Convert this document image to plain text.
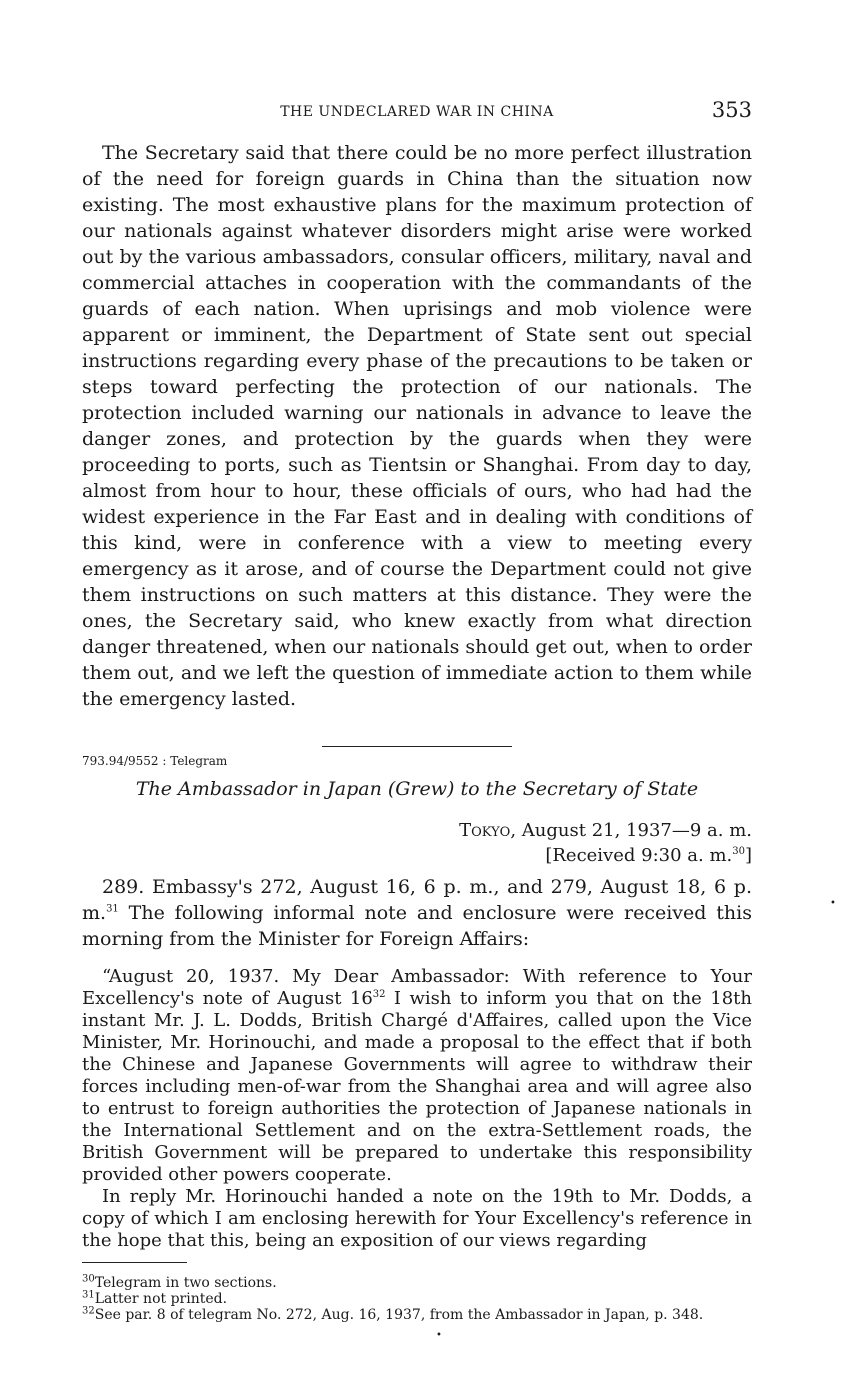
THE UNDECLARED WAR IN CHINA	353

The Secretary said that there could be no more perfect illustration of the need for foreign guards in China than the situation now existing. The most exhaustive plans for the maximum protection of our nationals against whatever disorders might arise were worked out by the various ambassadors, consular officers, military, naval and commercial attaches in cooperation with the commandants of the guards of each nation. When uprisings and mob violence were apparent or imminent, the Department of State sent out special instructions regarding every phase of the precautions to be taken or steps toward perfecting the protection of our nationals. The protection included warning our nationals in advance to leave the danger zones, and protection by the guards when they were proceeding to ports, such as Tientsin or Shanghai. From day to day, almost from hour to hour, these officials of ours, who had had the widest experience in the Far East and in dealing with conditions of this kind, were in conference with a view to meeting every emergency as it arose, and of course the Department could not give them instructions on such matters at this distance. They were the ones, the Secretary said, who knew exactly from what direction danger threatened, when our nationals should get out, when to order them out, and we left the question of immediate action to them while the emergency lasted.

793.94/9552 : Telegram
The Ambassador in Japan (Grew) to the Secretary of State
Tokyo, August 21, 1937—9 a. m.
[Received 9:30 a. m.$^{30}$]

289. Embassy's 272, August 16, 6 p. m., and 279, August 18, 6 p. m.$^{31}$ The following informal note and enclosure were received this morning from the Minister for Foreign Affairs:

“August 20, 1937. My Dear Ambassador: With reference to Your Excellency's note of August $16^{32}$ I wish to inform you that on the 18th instant Mr. J. L. Dodds, British Chargé d'Affaires, called upon the Vice Minister, Mr. Horinouchi, and made a proposal to the effect that if both the Chinese and Japanese Governments will agree to withdraw their forces including men-of-war from the Shanghai area and will agree also to entrust to foreign authorities the protection of Japanese nationals in the International Settlement and on the extra-Settlement roads, the British Government will be prepared to undertake this responsibility provided other powers cooperate.

In reply Mr. Horinouchi handed a note on the 19th to Mr. Dodds, a copy of which I am enclosing herewith for Your Excellency's reference in the hope that this, being an exposition of our views regarding

$^{30}$Telegram in two sections.
$^{31}$Latter not printed.
$^{32}$See par. 8 of telegram No. 272, Aug. 16, 1937, from the Ambassador in Japan, p. 348.
•
•
